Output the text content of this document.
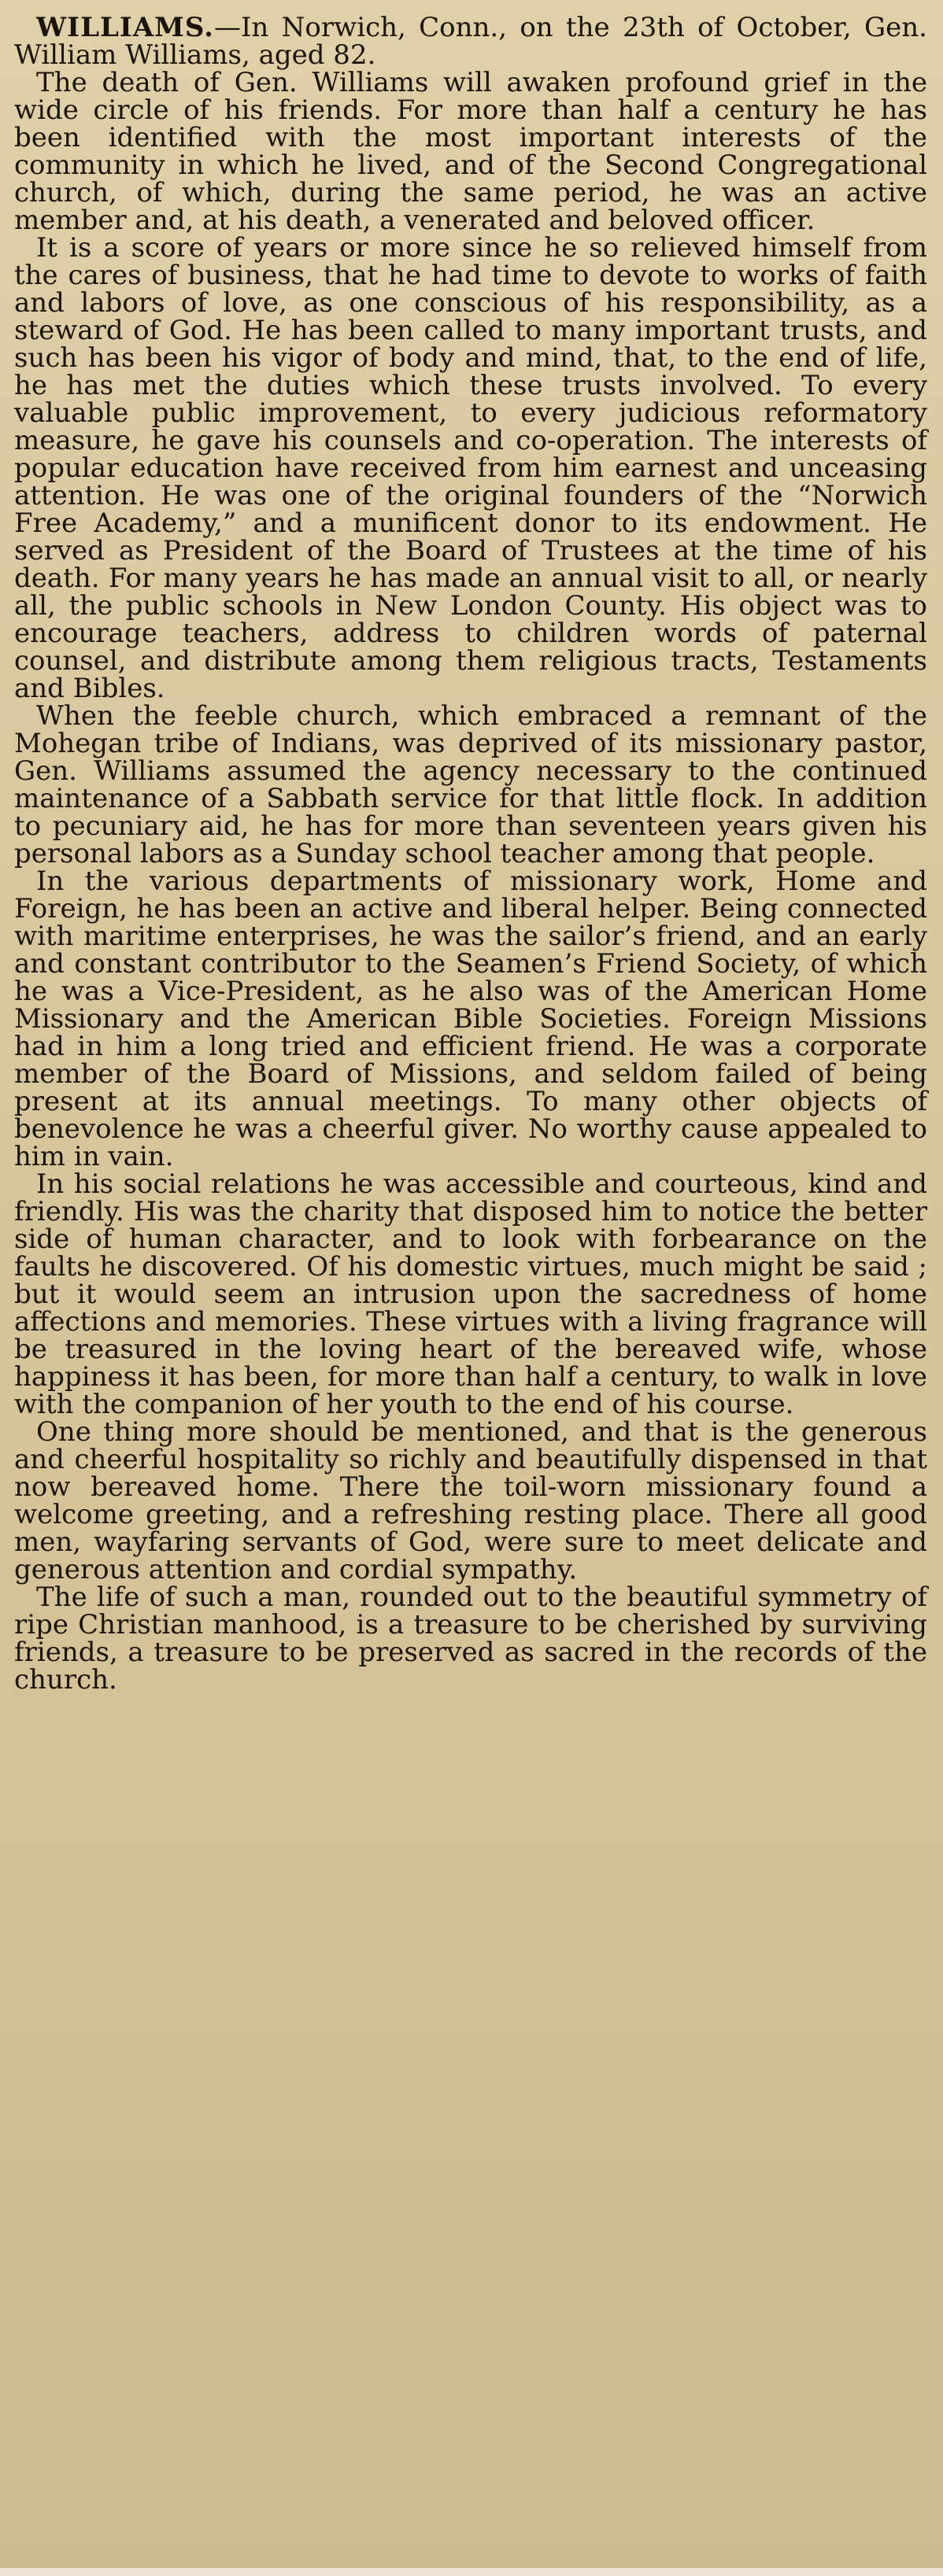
WILLIAMS.—In Norwich, Conn., on the 23th of October, Gen. William Williams, aged 82.

The death of Gen. Williams will awaken profound grief in the wide circle of his friends. For more than half a century he has been identified with the most important interests of the community in which he lived, and of the Second Congregational church, of which, during the same period, he was an active member and, at his death, a venerated and beloved officer.

It is a score of years or more since he so relieved himself from the cares of business, that he had time to devote to works of faith and labors of love, as one conscious of his responsibility, as a steward of God. He has been called to many important trusts, and such has been his vigor of body and mind, that, to the end of life, he has met the duties which these trusts involved. To every valuable public improvement, to every judicious reformatory measure, he gave his counsels and co-operation. The interests of popular education have received from him earnest and unceasing attention. He was one of the original founders of the “Norwich Free Academy,” and a munificent donor to its endowment. He served as President of the Board of Trustees at the time of his death. For many years he has made an annual visit to all, or nearly all, the public schools in New London County. His object was to encourage teachers, address to children words of paternal counsel, and distribute among them religious tracts, Testaments and Bibles.

When the feeble church, which embraced a remnant of the Mohegan tribe of Indians, was deprived of its missionary pastor, Gen. Williams assumed the agency necessary to the continued maintenance of a Sabbath service for that little flock. In addition to pecuniary aid, he has for more than seventeen years given his personal labors as a Sunday school teacher among that people.

In the various departments of missionary work, Home and Foreign, he has been an active and liberal helper. Being connected with maritime enterprises, he was the sailor’s friend, and an early and constant contributor to the Seamen’s Friend Society, of which he was a Vice-President, as he also was of the American Home Missionary and the American Bible Societies. Foreign Missions had in him a long tried and efficient friend. He was a corporate member of the Board of Missions, and seldom failed of being present at its annual meetings. To many other objects of benevolence he was a cheerful giver. No worthy cause appealed to him in vain.

In his social relations he was accessible and courteous, kind and friendly. His was the charity that disposed him to notice the better side of human character, and to look with forbearance on the faults he discovered. Of his domestic virtues, much might be said ; but it would seem an intrusion upon the sacredness of home affections and memories. These virtues with a living fragrance will be treasured in the loving heart of the bereaved wife, whose happiness it has been, for more than half a century, to walk in love with the companion of her youth to the end of his course.

One thing more should be mentioned, and that is the generous and cheerful hospitality so richly and beautifully dispensed in that now bereaved home. There the toil-worn missionary found a welcome greeting, and a refreshing resting place. There all good men, wayfaring servants of God, were sure to meet delicate and generous attention and cordial sympathy.

The life of such a man, rounded out to the beautiful symmetry of ripe Christian manhood, is a treasure to be cherished by surviving friends, a treasure to be preserved as sacred in the records of the church.
